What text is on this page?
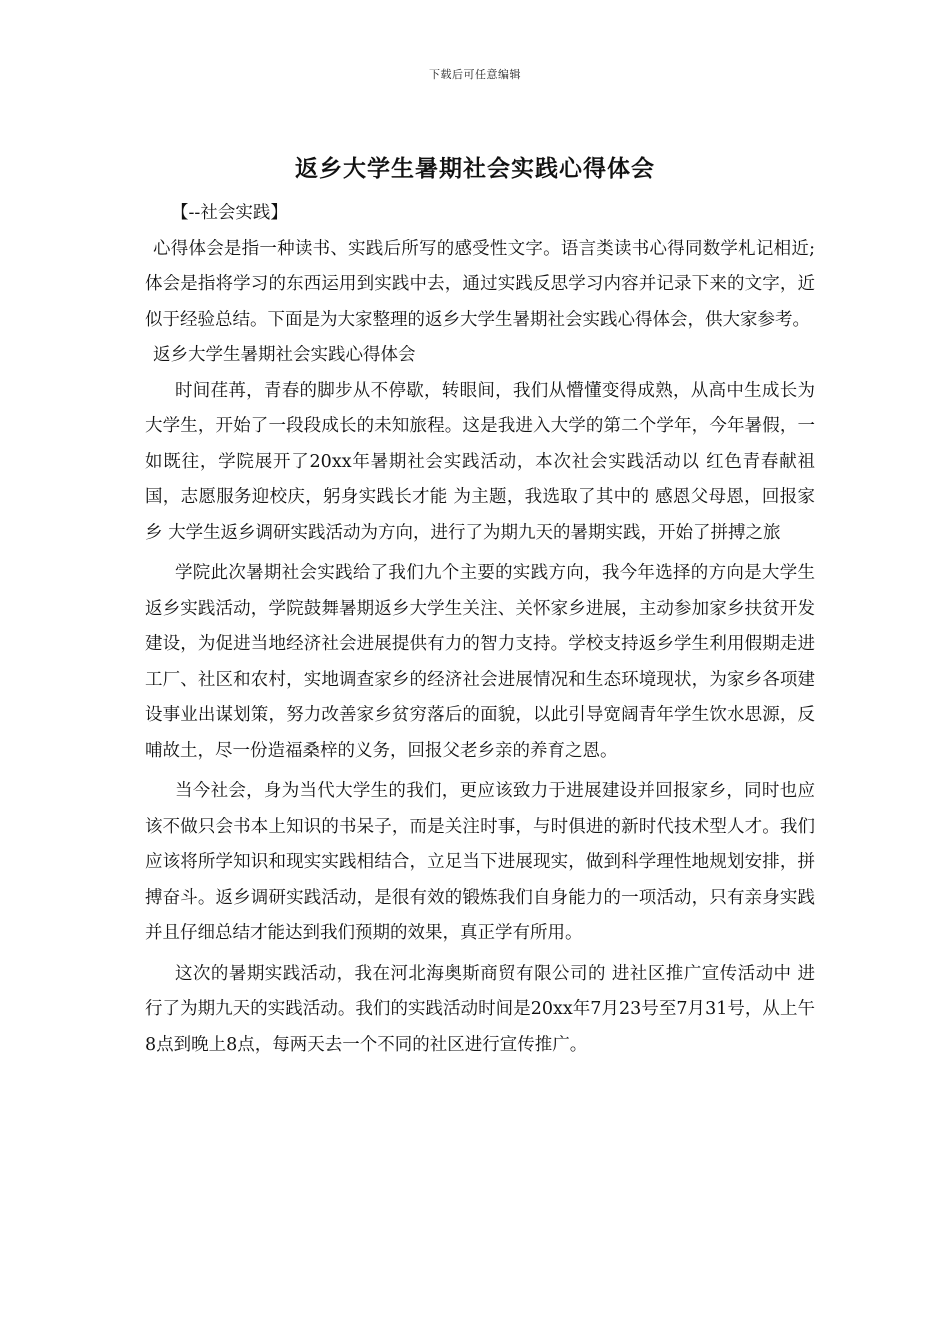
下载后可任意编辑
返乡大学生暑期社会实践心得体会

【--社会实践】

心得体会是指一种读书、实践后所写的感受性文字。语言类读书心得同数学札记相近;体会是指将学习的东西运用到实践中去，通过实践反思学习内容并记录下来的文字，近似于经验总结。下面是为大家整理的返乡大学生暑期社会实践心得体会，供大家参考。

返乡大学生暑期社会实践心得体会

时间荏苒，青春的脚步从不停歇，转眼间，我们从懵懂变得成熟，从高中生成长为大学生，开始了一段段成长的未知旅程。这是我进入大学的第二个学年，今年暑假，一如既往，学院展开了20xx年暑期社会实践活动，本次社会实践活动以 红色青春献祖国，志愿服务迎校庆，躬身实践长才能 为主题，我选取了其中的 感恩父母恩，回报家乡 大学生返乡调研实践活动为方向，进行了为期九天的暑期实践，开始了拼搏之旅

学院此次暑期社会实践给了我们九个主要的实践方向，我今年选择的方向是大学生返乡实践活动，学院鼓舞暑期返乡大学生关注、关怀家乡进展，主动参加家乡扶贫开发建设，为促进当地经济社会进展提供有力的智力支持。学校支持返乡学生利用假期走进工厂、社区和农村，实地调查家乡的经济社会进展情况和生态环境现状，为家乡各项建设事业出谋划策，努力改善家乡贫穷落后的面貌，以此引导宽阔青年学生饮水思源，反哺故土，尽一份造福桑梓的义务，回报父老乡亲的养育之恩。

当今社会，身为当代大学生的我们，更应该致力于进展建设并回报家乡，同时也应该不做只会书本上知识的书呆子，而是关注时事，与时俱进的新时代技术型人才。我们应该将所学知识和现实实践相结合，立足当下进展现实，做到科学理性地规划安排，拼搏奋斗。返乡调研实践活动，是很有效的锻炼我们自身能力的一项活动，只有亲身实践并且仔细总结才能达到我们预期的效果，真正学有所用。

这次的暑期实践活动，我在河北海奥斯商贸有限公司的 进社区推广宣传活动中 进行了为期九天的实践活动。我们的实践活动时间是20xx年7月23号至7月31号，从上午8点到晚上8点，每两天去一个不同的社区进行宣传推广。
